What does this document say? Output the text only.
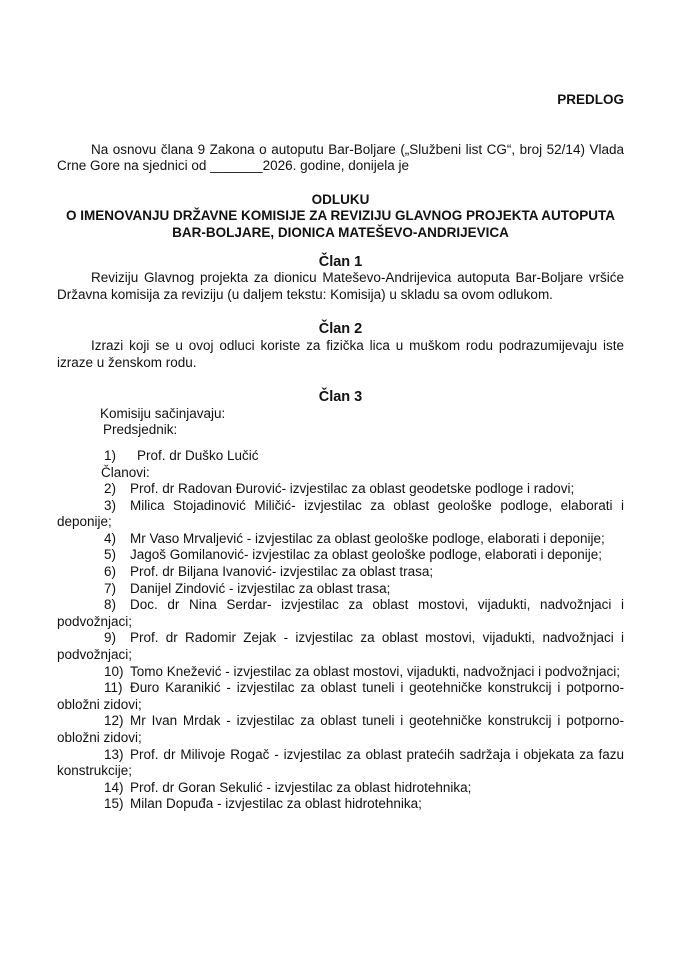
PREDLOG
Na osnovu člana 9 Zakona o autoputu Bar-Boljare („Službeni list CG“, broj 52/14) Vlada Crne Gore na sjednici od _______2026. godine, donijela je
ODLUKU
O IMENOVANJU DRŽAVNE KOMISIJE ZA REVIZIJU GLAVNOG PROJEKTA AUTOPUTA
BAR-BOLJARE, DIONICA MATEŠEVO-ANDRIJEVICA
Član 1
Reviziju Glavnog projekta za dionicu Mateševo-Andrijevica autoputa Bar-Boljare vršiće Državna komisija za reviziju (u daljem tekstu: Komisija) u skladu sa ovom odlukom.
Član 2
Izrazi koji se u ovoj odluci koriste za fizička lica u muškom rodu podrazumijevaju iste izraze u ženskom rodu.
Član 3
Komisiju sačinjavaju:
Predsjednik:
1) Prof. dr Duško Lučić
Članovi:
2) Prof. dr Radovan Đurović- izvjestilac za oblast geodetske podloge i radovi;
3) Milica Stojadinović Miličić- izvjestilac za oblast geološke podloge, elaborati i deponije;
4) Mr Vaso Mrvaljević - izvjestilac za oblast geološke podloge, elaborati i deponije;
5) Jagoš Gomilanović- izvjestilac za oblast geološke podloge, elaborati i deponije;
6) Prof. dr Biljana Ivanović- izvjestilac za oblast trasa;
7) Danijel Zindović - izvjestilac za oblast trasa;
8) Doc. dr Nina Serdar- izvjestilac za oblast mostovi, vijadukti, nadvožnjaci i podvožnjaci;
9) Prof. dr Radomir Zejak - izvjestilac za oblast mostovi, vijadukti, nadvožnjaci i podvožnjaci;
10) Tomo Knežević - izvjestilac za oblast mostovi, vijadukti, nadvožnjaci i podvožnjaci;
11) Đuro Karanikić - izvjestilac za oblast tuneli i geotehničke konstrukcij i potporno-obložni zidovi;
12) Mr Ivan Mrdak - izvjestilac za oblast tuneli i geotehničke konstrukcij i potporno-obložni zidovi;
13) Prof. dr Milivoje Rogač - izvjestilac za oblast pratećih sadržaja i objekata za fazu konstrukcije;
14) Prof. dr Goran Sekulić - izvjestilac za oblast hidrotehnika;
15) Milan Dopuđa - izvjestilac za oblast hidrotehnika;
